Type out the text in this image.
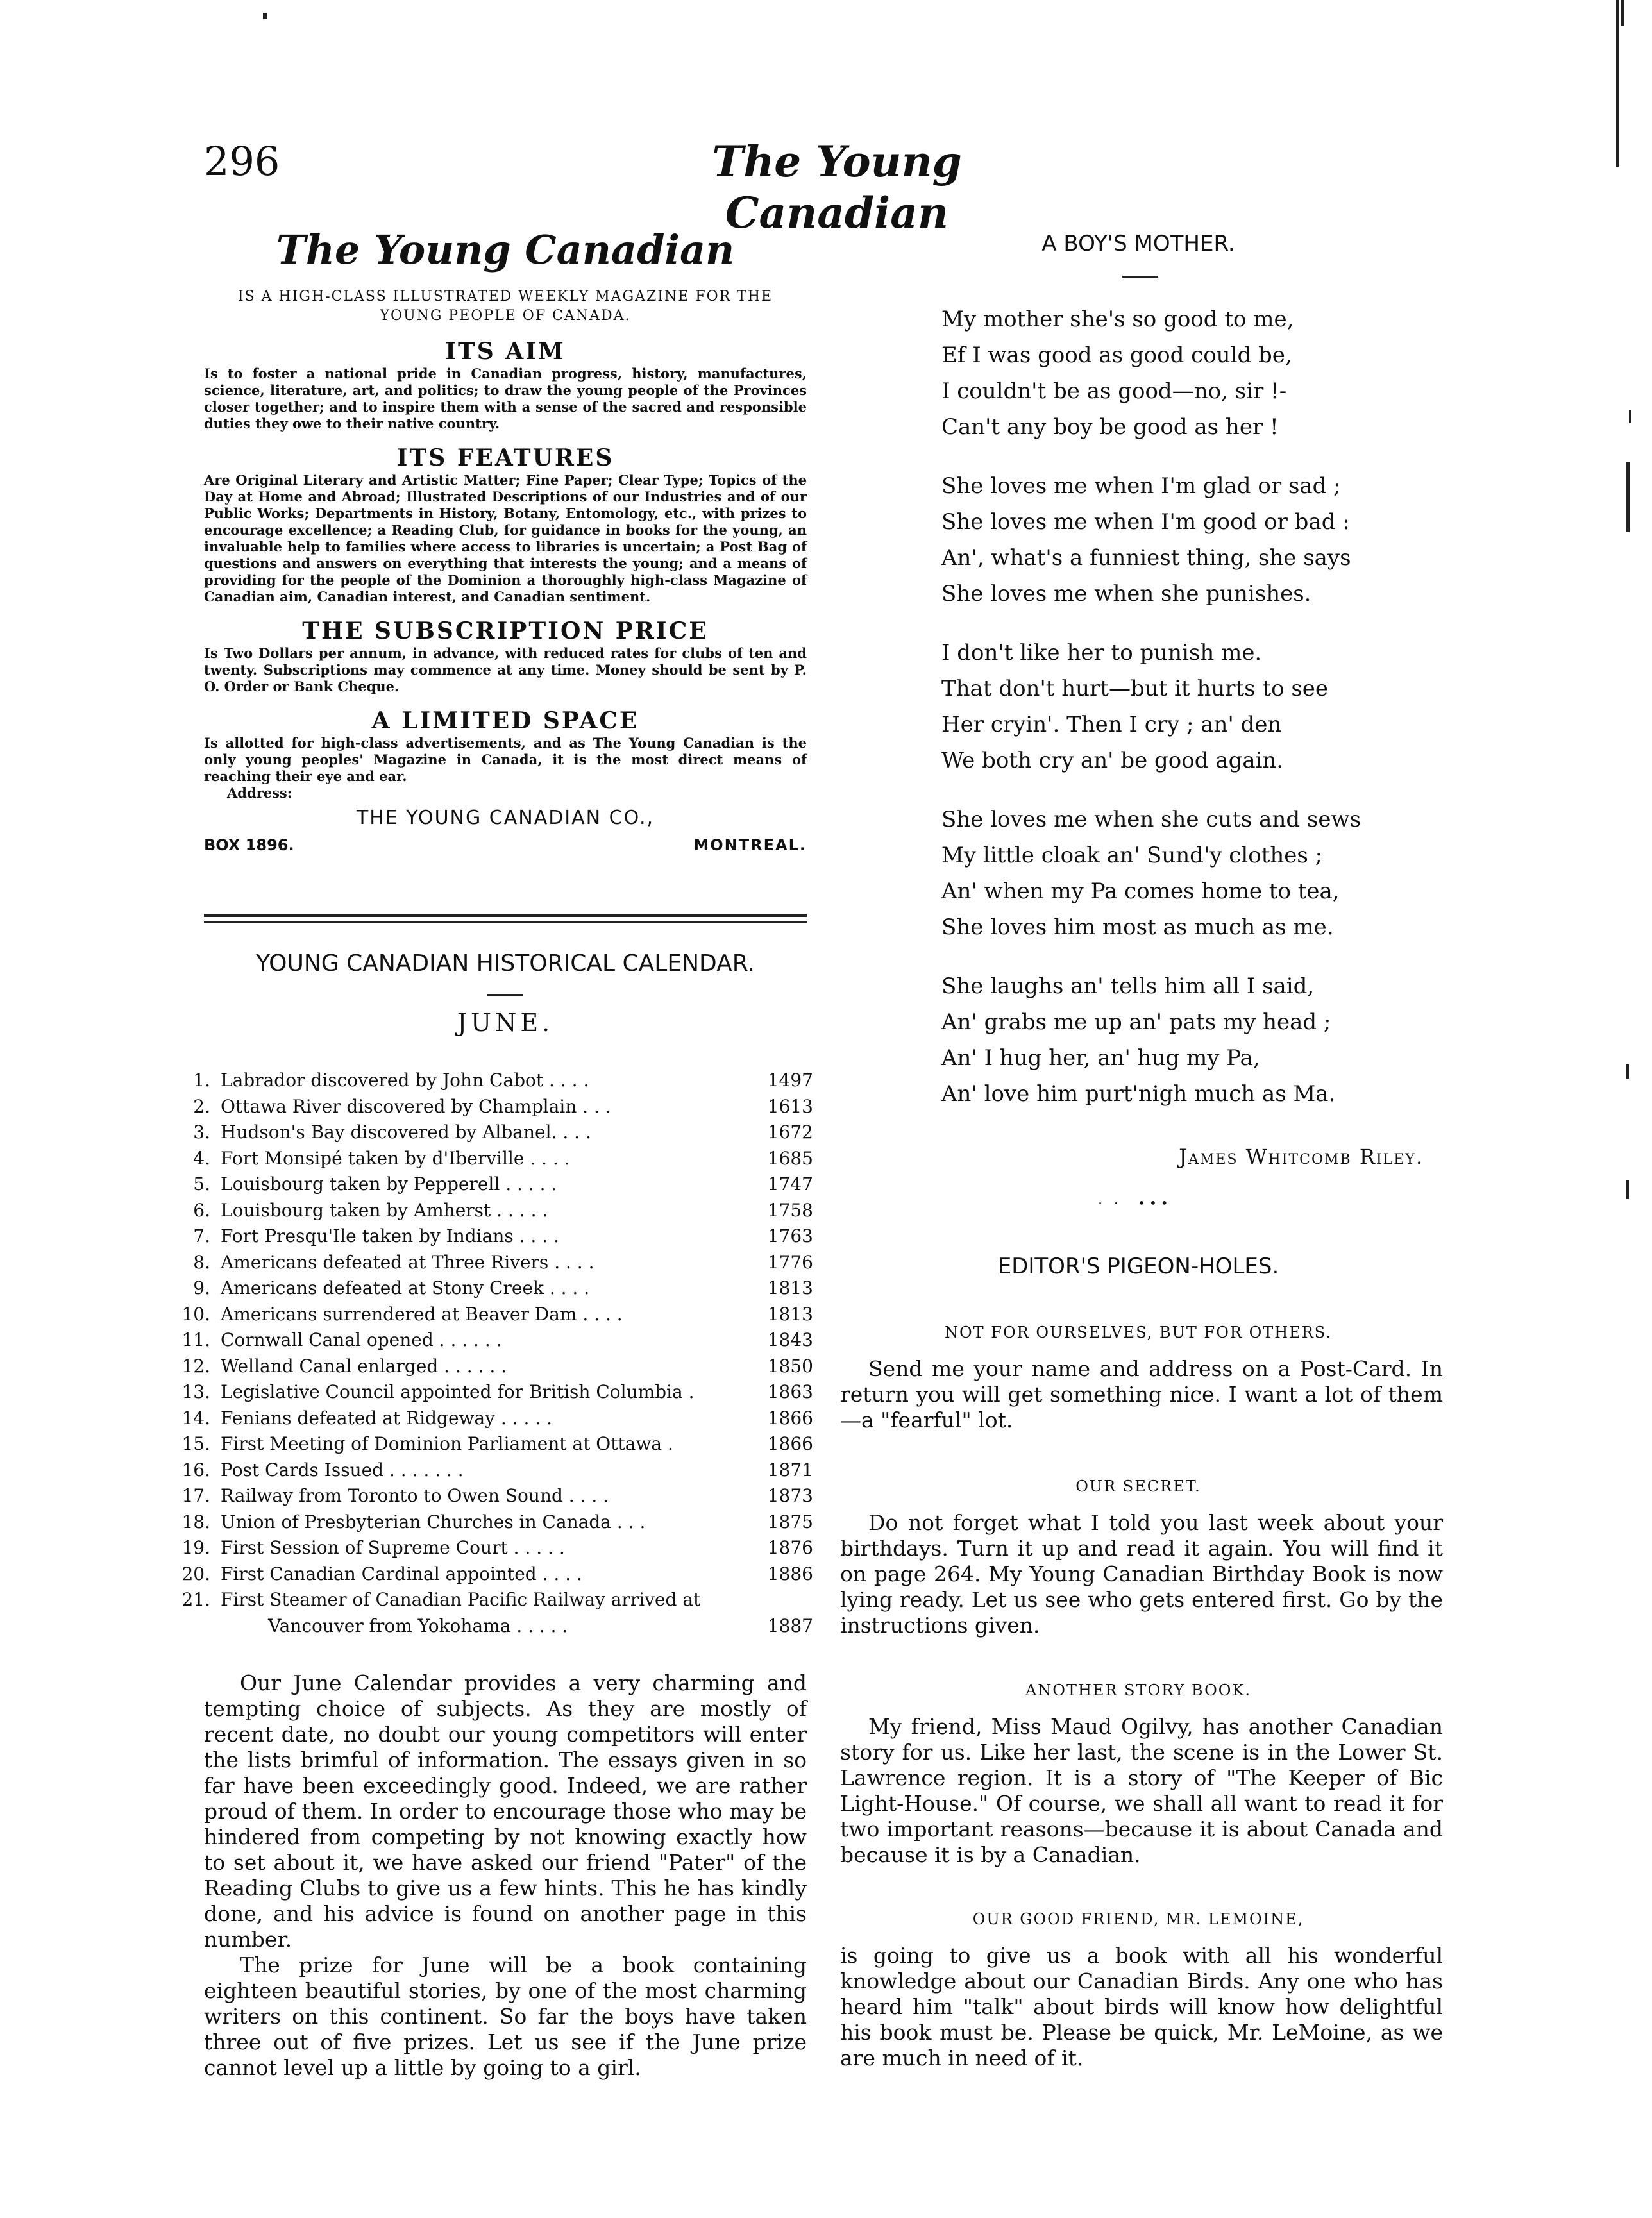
296	The Young Canadian
The Young Canadian
IS A HIGH-CLASS ILLUSTRATED WEEKLY MAGAZINE FOR THE YOUNG PEOPLE OF CANADA.
ITS AIM
Is to foster a national pride in Canadian progress, history, manufactures, science, literature, art, and politics; to draw the young people of the Provinces closer together; and to inspire them with a sense of the sacred and responsible duties they owe to their native country.
ITS FEATURES
Are Original Literary and Artistic Matter; Fine Paper; Clear Type; Topics of the Day at Home and Abroad; Illustrated Descriptions of our Industries and of our Public Works; Departments in History, Botany, Entomology, etc., with prizes to encourage excellence; a Reading Club, for guidance in books for the young, an invaluable help to families where access to libraries is uncertain; a Post Bag of questions and answers on everything that interests the young; and a means of providing for the people of the Dominion a thoroughly high-class Magazine of Canadian aim, Canadian interest, and Canadian sentiment.
THE SUBSCRIPTION PRICE
Is Two Dollars per annum, in advance, with reduced rates for clubs of ten and twenty. Subscriptions may commence at any time. Money should be sent by P. O. Order or Bank Cheque.
A LIMITED SPACE
Is allotted for high-class advertisements, and as The Young Canadian is the only young peoples' Magazine in Canada, it is the most direct means of reaching their eye and ear.
Address:
THE YOUNG CANADIAN CO.,
BOX 1896.	MONTREAL.
YOUNG CANADIAN HISTORICAL CALENDAR.
JUNE.
1. Labrador discovered by John Cabot . . . .	1497
2. Ottawa River discovered by Champlain . . .	1613
3. Hudson's Bay discovered by Albanel. . . .	1672
4. Fort Monsipé taken by d'Iberville . . . .	1685
5. Louisbourg taken by Pepperell . . . . .	1747
6. Louisbourg taken by Amherst . . . . .	1758
7. Fort Presqu'Ile taken by Indians . . . .	1763
8. Americans defeated at Three Rivers . . . .	1776
9. Americans defeated at Stony Creek . . . .	1813
10. Americans surrendered at Beaver Dam . . . .	1813
11. Cornwall Canal opened . . . . . .	1843
12. Welland Canal enlarged . . . . . .	1850
13. Legislative Council appointed for British Columbia .	1863
14. Fenians defeated at Ridgeway . . . . .	1866
15. First Meeting of Dominion Parliament at Ottawa .	1866
16. Post Cards Issued . . . . . . .	1871
17. Railway from Toronto to Owen Sound . . . .	1873
18. Union of Presbyterian Churches in Canada . . .	1875
19. First Session of Supreme Court . . . . .	1876
20. First Canadian Cardinal appointed . . . .	1886
21. First Steamer of Canadian Pacific Railway arrived at
Vancouver from Yokohama . . . . .	1887
Our June Calendar provides a very charming and tempting choice of subjects. As they are mostly of recent date, no doubt our young competitors will enter the lists brimful of information. The essays given in so far have been exceedingly good. Indeed, we are rather proud of them. In order to encourage those who may be hindered from competing by not knowing exactly how to set about it, we have asked our friend "Pater" of the Reading Clubs to give us a few hints. This he has kindly done, and his advice is found on another page in this number.
The prize for June will be a book containing eighteen beautiful stories, by one of the most charming writers on this continent. So far the boys have taken three out of five prizes. Let us see if the June prize cannot level up a little by going to a girl.
A BOY'S MOTHER.
My mother she's so good to me,
Ef I was good as good could be,
I couldn't be as good—no, sir !-
Can't any boy be good as her !
She loves me when I'm glad or sad ;
She loves me when I'm good or bad :
An', what's a funniest thing, she says
She loves me when she punishes.
I don't like her to punish me.
That don't hurt—but it hurts to see
Her cryin'. Then I cry ; an' den
We both cry an' be good again.
She loves me when she cuts and sews
My little cloak an' Sund'y clothes ;
An' when my Pa comes home to tea,
She loves him most as much as me.
She laughs an' tells him all I said,
An' grabs me up an' pats my head ;
An' I hug her, an' hug my Pa,
An' love him purt'nigh much as Ma.
James Whitcomb Riley.
· ·  •••
EDITOR'S PIGEON-HOLES.
NOT FOR OURSELVES, BUT FOR OTHERS.
Send me your name and address on a Post-Card. In return you will get something nice. I want a lot of them—a "fearful" lot.
OUR SECRET.
Do not forget what I told you last week about your birthdays. Turn it up and read it again. You will find it on page 264. My Young Canadian Birthday Book is now lying ready. Let us see who gets entered first. Go by the instructions given.
ANOTHER STORY BOOK.
My friend, Miss Maud Ogilvy, has another Canadian story for us. Like her last, the scene is in the Lower St. Lawrence region. It is a story of "The Keeper of Bic Light-House." Of course, we shall all want to read it for two important reasons—because it is about Canada and because it is by a Canadian.
OUR GOOD FRIEND, MR. LEMOINE,
is going to give us a book with all his wonderful knowledge about our Canadian Birds. Any one who has heard him "talk" about birds will know how delightful his book must be. Please be quick, Mr. LeMoine, as we are much in need of it.
